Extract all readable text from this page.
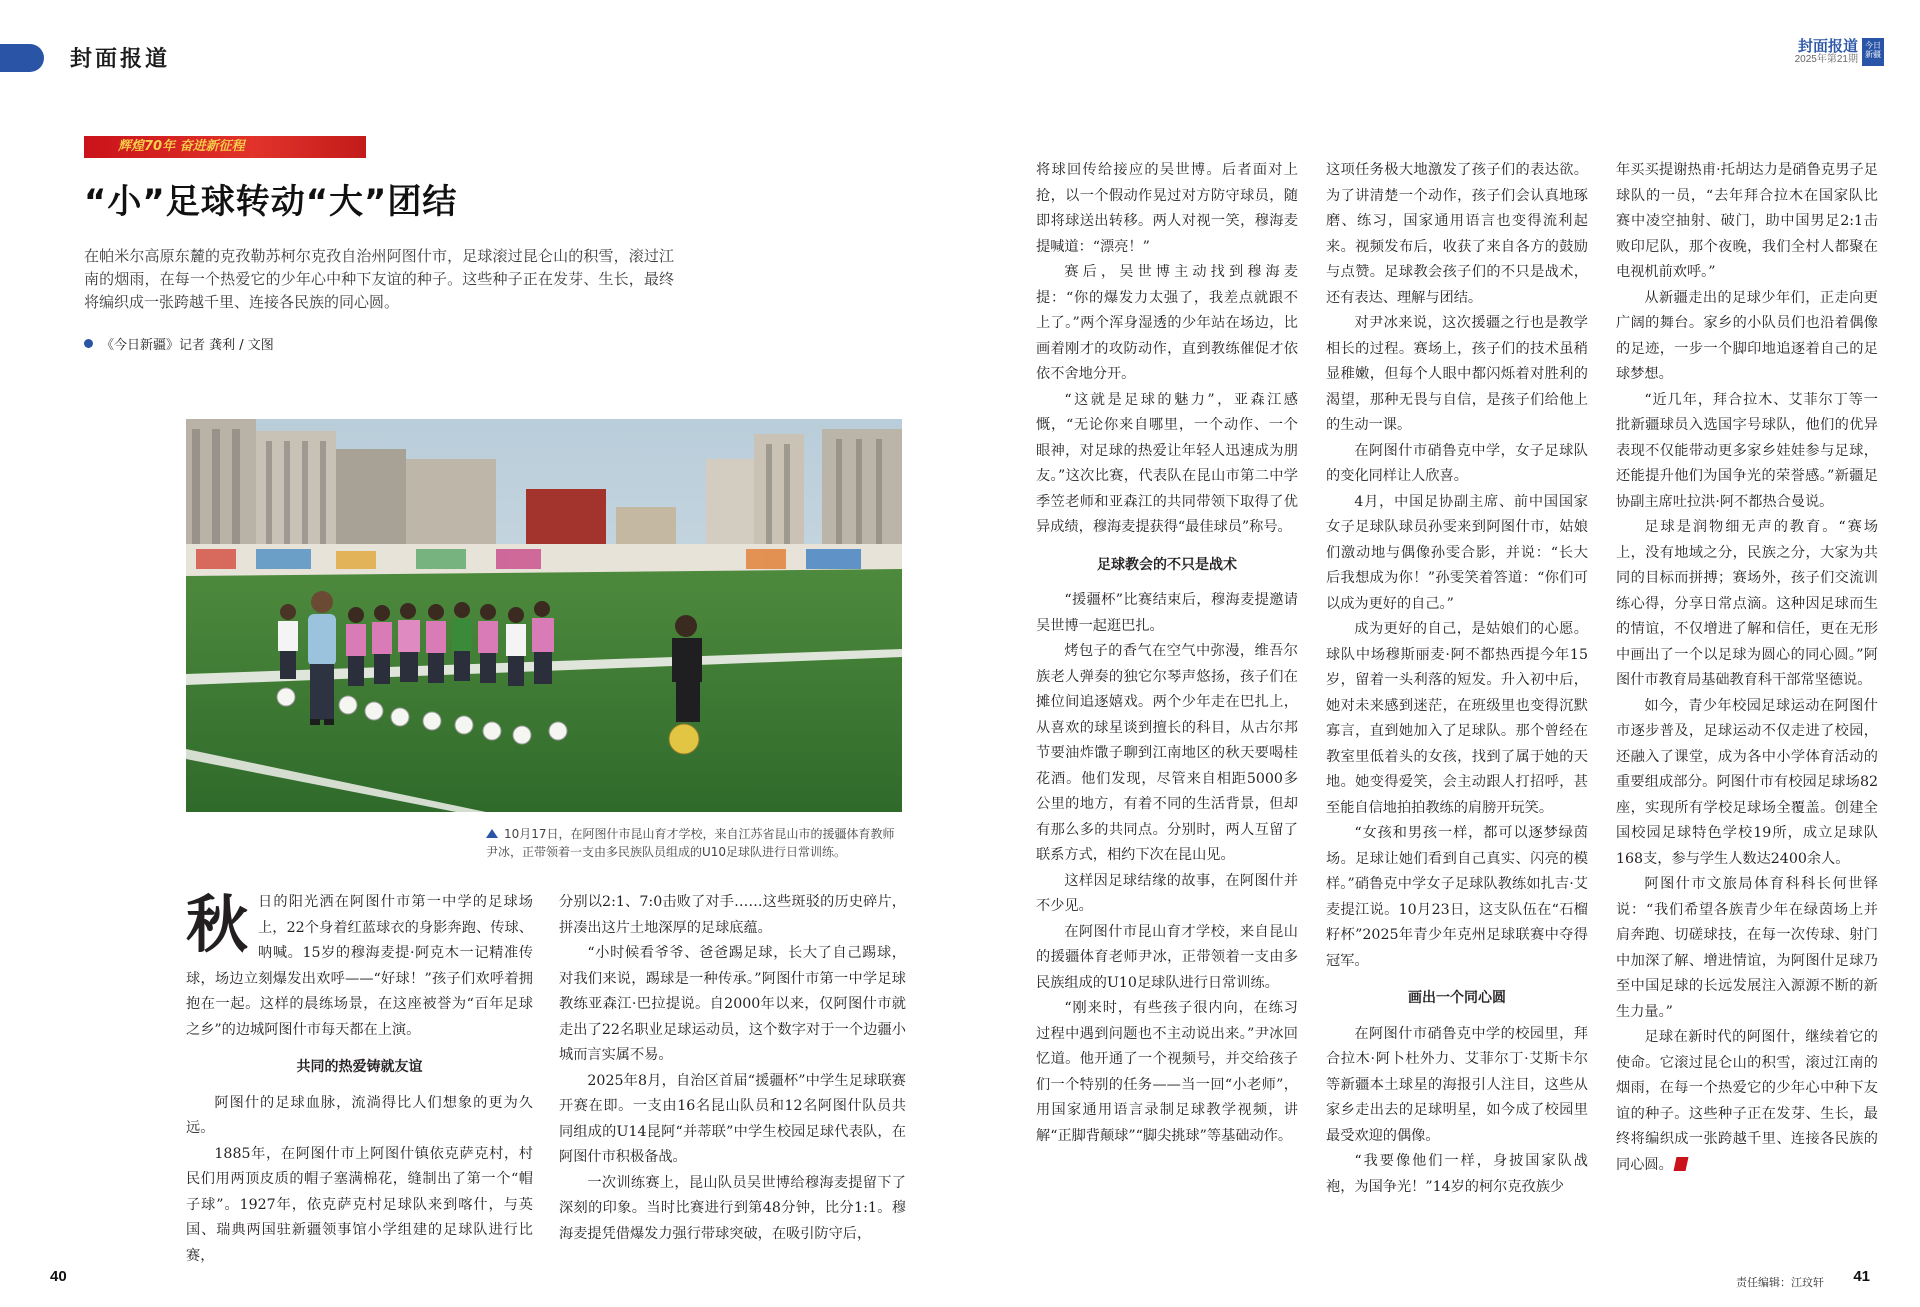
封面报道	封面报道
2025年第21期
今日新疆
辉煌70年 奋进新征程
“小”足球转动“大”团结

在帕米尔高原东麓的克孜勒苏柯尔克孜自治州阿图什市，足球滚过昆仑山的积雪，滚过江南的烟雨，在每一个热爱它的少年心中种下友谊的种子。这些种子正在发芽、生长，最终将编织成一张跨越千里、连接各民族的同心圆。

《今日新疆》记者 龚利 / 文图
10月17日，在阿图什市昆山育才学校，来自江苏省昆山市的援疆体育教师尹冰，正带领着一支由多民族队员组成的U10足球队进行日常训练。

秋日的阳光洒在阿图什市第一中学的足球场上，22个身着红蓝球衣的身影奔跑、传球、呐喊。15岁的穆海麦提·阿克木一记精准传球，场边立刻爆发出欢呼——“好球！”孩子们欢呼着拥抱在一起。这样的晨练场景，在这座被誉为“百年足球之乡”的边城阿图什市每天都在上演。

共同的热爱铸就友谊

阿图什的足球血脉，流淌得比人们想象的更为久远。

1885年，在阿图什市上阿图什镇依克萨克村，村民们用两顶皮质的帽子塞满棉花，缝制出了第一个“帽子球”。1927年，依克萨克村足球队来到喀什，与英国、瑞典两国驻新疆领事馆小学组建的足球队进行比赛，

分别以2:1、7:0击败了对手……这些斑驳的历史碎片，拼凑出这片土地深厚的足球底蕴。

“小时候看爷爷、爸爸踢足球，长大了自己踢球，对我们来说，踢球是一种传承。”阿图什市第一中学足球教练亚森江·巴拉提说。自2000年以来，仅阿图什市就走出了22名职业足球运动员，这个数字对于一个边疆小城而言实属不易。

2025年8月，自治区首届“援疆杯”中学生足球联赛开赛在即。一支由16名昆山队员和12名阿图什队员共同组成的U14昆阿“并蒂联”中学生校园足球代表队，在阿图什市积极备战。

一次训练赛上，昆山队员吴世博给穆海麦提留下了深刻的印象。当时比赛进行到第48分钟，比分1:1。穆海麦提凭借爆发力强行带球突破，在吸引防守后，

将球回传给接应的吴世博。后者面对上抢，以一个假动作晃过对方防守球员，随即将球送出转移。两人对视一笑，穆海麦提喊道：“漂亮！”

赛后，吴世博主动找到穆海麦提：“你的爆发力太强了，我差点就跟不上了。”两个浑身湿透的少年站在场边，比画着刚才的攻防动作，直到教练催促才依依不舍地分开。

“这就是足球的魅力”，亚森江感慨，“无论你来自哪里，一个动作、一个眼神，对足球的热爱让年轻人迅速成为朋友。”这次比赛，代表队在昆山市第二中学季笠老师和亚森江的共同带领下取得了优异成绩，穆海麦提获得“最佳球员”称号。

足球教会的不只是战术

“援疆杯”比赛结束后，穆海麦提邀请吴世博一起逛巴扎。

烤包子的香气在空气中弥漫，维吾尔族老人弹奏的独它尔琴声悠扬，孩子们在摊位间追逐嬉戏。两个少年走在巴扎上，从喜欢的球星谈到擅长的科目，从古尔邦节要油炸馓子聊到江南地区的秋天要喝桂花酒。他们发现，尽管来自相距5000多公里的地方，有着不同的生活背景，但却有那么多的共同点。分别时，两人互留了联系方式，相约下次在昆山见。

这样因足球结缘的故事，在阿图什并不少见。

在阿图什市昆山育才学校，来自昆山的援疆体育老师尹冰，正带领着一支由多民族组成的U10足球队进行日常训练。

“刚来时，有些孩子很内向，在练习过程中遇到问题也不主动说出来。”尹冰回忆道。他开通了一个视频号，并交给孩子们一个特别的任务——当一回“小老师”，用国家通用语言录制足球教学视频，讲解“正脚背颠球”“脚尖挑球”等基础动作。

这项任务极大地激发了孩子们的表达欲。为了讲清楚一个动作，孩子们会认真地琢磨、练习，国家通用语言也变得流利起来。视频发布后，收获了来自各方的鼓励与点赞。足球教会孩子们的不只是战术，还有表达、理解与团结。

对尹冰来说，这次援疆之行也是教学相长的过程。赛场上，孩子们的技术虽稍显稚嫩，但每个人眼中都闪烁着对胜利的渴望，那种无畏与自信，是孩子们给他上的生动一课。

在阿图什市硝鲁克中学，女子足球队的变化同样让人欣喜。

4月，中国足协副主席、前中国国家女子足球队球员孙雯来到阿图什市，姑娘们激动地与偶像孙雯合影，并说：“长大后我想成为你！”孙雯笑着答道：“你们可以成为更好的自己。”

成为更好的自己，是姑娘们的心愿。球队中场穆斯丽麦·阿不都热西提今年15岁，留着一头利落的短发。升入初中后，她对未来感到迷茫，在班级里也变得沉默寡言，直到她加入了足球队。那个曾经在教室里低着头的女孩，找到了属于她的天地。她变得爱笑，会主动跟人打招呼，甚至能自信地拍拍教练的肩膀开玩笑。

“女孩和男孩一样，都可以逐梦绿茵场。足球让她们看到自己真实、闪亮的模样。”硝鲁克中学女子足球队教练如扎吉·艾麦提江说。10月23日，这支队伍在“石榴籽杯”2025年青少年克州足球联赛中夺得冠军。

画出一个同心圆

在阿图什市硝鲁克中学的校园里，拜合拉木·阿卜杜外力、艾菲尔丁·艾斯卡尔等新疆本土球星的海报引人注目，这些从家乡走出去的足球明星，如今成了校园里最受欢迎的偶像。

“我要像他们一样，身披国家队战袍，为国争光！”14岁的柯尔克孜族少

年买买提谢热甫·托胡达力是硝鲁克男子足球队的一员，“去年拜合拉木在国家队比赛中凌空抽射、破门，助中国男足2:1击败印尼队，那个夜晚，我们全村人都聚在电视机前欢呼。”

从新疆走出的足球少年们，正走向更广阔的舞台。家乡的小队员们也沿着偶像的足迹，一步一个脚印地追逐着自己的足球梦想。

“近几年，拜合拉木、艾菲尔丁等一批新疆球员入选国字号球队，他们的优异表现不仅能带动更多家乡娃娃参与足球，还能提升他们为国争光的荣誉感。”新疆足协副主席吐拉洪·阿不都热合曼说。

足球是润物细无声的教育。“赛场上，没有地域之分，民族之分，大家为共同的目标而拼搏；赛场外，孩子们交流训练心得，分享日常点滴。这种因足球而生的情谊，不仅增进了解和信任，更在无形中画出了一个以足球为圆心的同心圆。”阿图什市教育局基础教育科干部常坚德说。

如今，青少年校园足球运动在阿图什市逐步普及，足球运动不仅走进了校园，还融入了课堂，成为各中小学体育活动的重要组成部分。阿图什市有校园足球场82座，实现所有学校足球场全覆盖。创建全国校园足球特色学校19所，成立足球队168支，参与学生人数达2400余人。

阿图什市文旅局体育科科长何世铎说：“我们希望各族青少年在绿茵场上并肩奔跑、切磋球技，在每一次传球、射门中加深了解、增进情谊，为阿图什足球乃至中国足球的长远发展注入源源不断的新生力量。”

足球在新时代的阿图什，继续着它的使命。它滚过昆仑山的积雪，滚过江南的烟雨，在每一个热爱它的少年心中种下友谊的种子。这些种子正在发芽、生长，最终将编织成一张跨越千里、连接各民族的同心圆。

40	责任编辑：江玟轩 41
